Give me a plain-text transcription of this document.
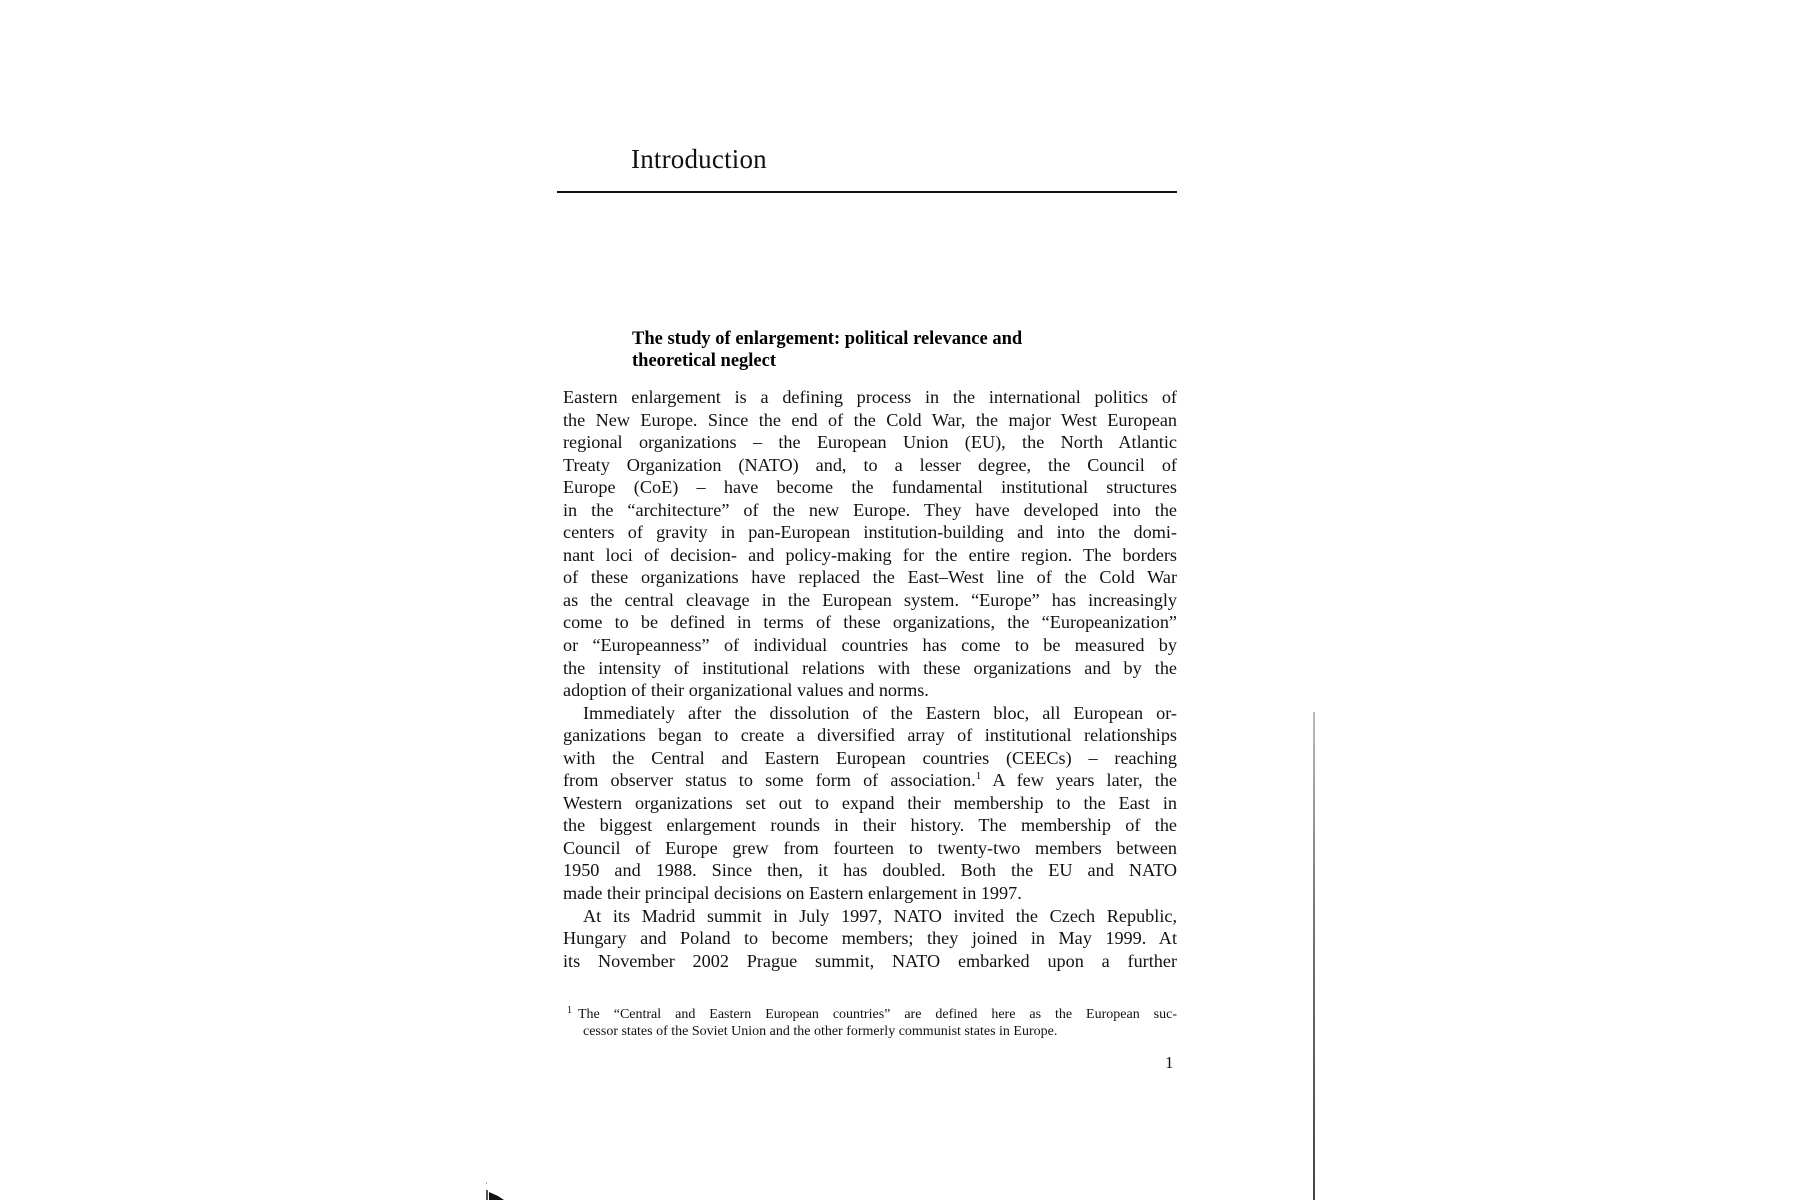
Introduction
The study of enlargement: political relevance and
theoretical neglect
Eastern enlargement is a defining process in the international politics of
the New Europe. Since the end of the Cold War, the major West European
regional organizations – the European Union (EU), the North Atlantic
Treaty Organization (NATO) and, to a lesser degree, the Council of
Europe (CoE) – have become the fundamental institutional structures
in the “architecture” of the new Europe. They have developed into the
centers of gravity in pan-European institution-building and into the domi-
nant loci of decision- and policy-making for the entire region. The borders
of these organizations have replaced the East–West line of the Cold War
as the central cleavage in the European system. “Europe” has increasingly
come to be defined in terms of these organizations, the “Europeanization”
or “Europeanness” of individual countries has come to be measured by
the intensity of institutional relations with these organizations and by the
adoption of their organizational values and norms.
Immediately after the dissolution of the Eastern bloc, all European or-
ganizations began to create a diversified array of institutional relationships
with the Central and Eastern European countries (CEECs) – reaching
from observer status to some form of association.$^1$ A few years later, the
Western organizations set out to expand their membership to the East in
the biggest enlargement rounds in their history. The membership of the
Council of Europe grew from fourteen to twenty-two members between
1950 and 1988. Since then, it has doubled. Both the EU and NATO
made their principal decisions on Eastern enlargement in 1997.
At its Madrid summit in July 1997, NATO invited the Czech Republic,
Hungary and Poland to become members; they joined in May 1999. At
its November 2002 Prague summit, NATO embarked upon a further
$^1$ The “Central and Eastern European countries” are defined here as the European suc-
cessor states of the Soviet Union and the other formerly communist states in Europe.
1
